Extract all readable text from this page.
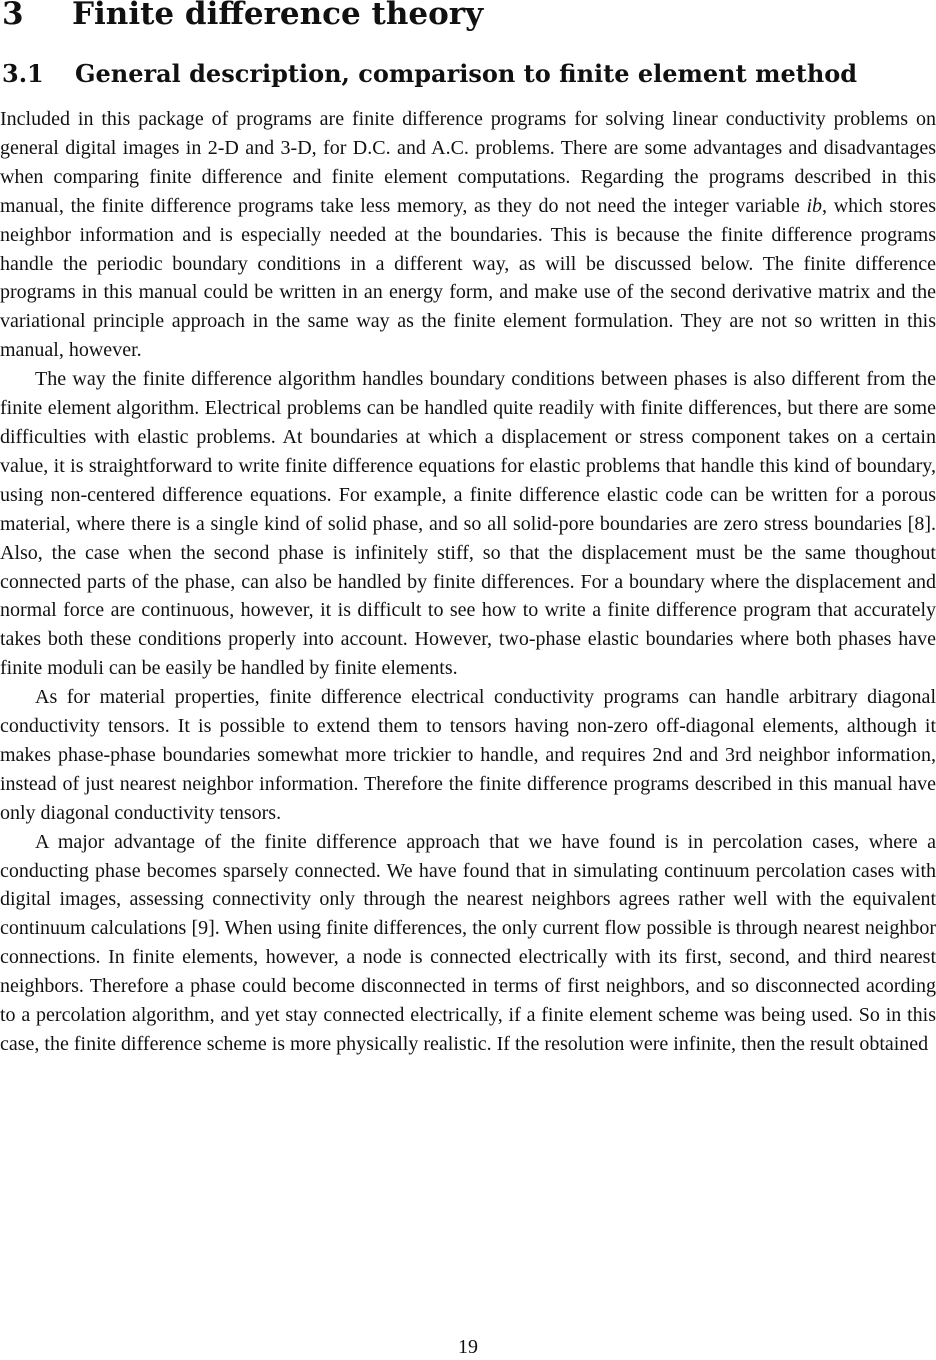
3 Finite difference theory
3.1 General description, comparison to finite element method

Included in this package of programs are finite difference programs for solving linear conductivity problems on general digital images in 2-D and 3-D, for D.C. and A.C. problems. There are some advantages and disadvantages when comparing finite difference and finite element computations. Regarding the programs described in this manual, the finite difference programs take less memory, as they do not need the integer variable ib, which stores neighbor information and is especially needed at the boundaries. This is because the finite difference programs handle the periodic boundary conditions in a different way, as will be discussed below. The finite difference programs in this manual could be written in an energy form, and make use of the second derivative matrix and the variational principle approach in the same way as the finite element formulation. They are not so written in this manual, however.

The way the finite difference algorithm handles boundary conditions between phases is also different from the finite element algorithm. Electrical problems can be handled quite readily with finite differences, but there are some difficulties with elastic problems. At boundaries at which a displacement or stress component takes on a certain value, it is straightforward to write finite difference equations for elastic problems that handle this kind of boundary, using non-centered difference equations. For example, a finite difference elastic code can be written for a porous material, where there is a single kind of solid phase, and so all solid-pore boundaries are zero stress boundaries [8]. Also, the case when the second phase is infinitely stiff, so that the displacement must be the same thoughout connected parts of the phase, can also be handled by finite differences. For a boundary where the displacement and normal force are continuous, however, it is difficult to see how to write a finite difference program that accurately takes both these conditions properly into account. However, two-phase elastic boundaries where both phases have finite moduli can be easily be handled by finite elements.

As for material properties, finite difference electrical conductivity programs can handle arbitrary diagonal conductivity tensors. It is possible to extend them to tensors having non-zero off-diagonal elements, although it makes phase-phase boundaries somewhat more trickier to handle, and requires 2nd and 3rd neighbor information, instead of just nearest neighbor information. Therefore the finite difference programs described in this manual have only diagonal conductivity tensors.

A major advantage of the finite difference approach that we have found is in percolation cases, where a conducting phase becomes sparsely connected. We have found that in simulating continuum percolation cases with digital images, assessing connectivity only through the nearest neighbors agrees rather well with the equivalent continuum calculations [9]. When using finite differences, the only current flow possible is through nearest neighbor connections. In finite elements, however, a node is connected electrically with its first, second, and third nearest neighbors. Therefore a phase could become disconnected in terms of first neighbors, and so disconnected acording to a percolation algorithm, and yet stay connected electrically, if a finite element scheme was being used. So in this case, the finite difference scheme is more physically realistic. If the resolution were infinite, then the result obtained

19
